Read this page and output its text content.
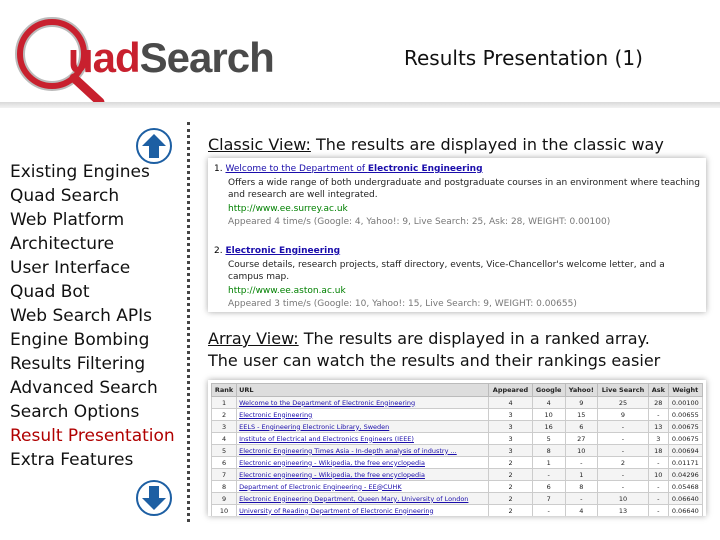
uadSearch	Results Presentation (1)
Existing Engines
Quad Search
Web Platform
Architecture
User Interface
Quad Bot
Web Search APIs
Engine Bombing
Results Filtering
Advanced Search
Search Options
Result Presentation
Extra Features
Classic View: The results are displayed in the classic way
1. Welcome to the Department of Electronic Engineering
Offers a wide range of both undergraduate and postgraduate courses in an environment where teaching and research are well integrated.
http://www.ee.surrey.ac.uk
Appeared 4 time/s (Google: 4, Yahoo!: 9, Live Search: 25, Ask: 28, WEIGHT: 0.00100)
2. Electronic Engineering
Course details, research projects, staff directory, events, Vice-Chancellor's welcome letter, and a campus map.
http://www.ee.aston.ac.uk
Appeared 3 time/s (Google: 10, Yahoo!: 15, Live Search: 9, WEIGHT: 0.00655)
Array View: The results are displayed in a ranked array.
The user can watch the results and their rankings easier
Rank	URL	Appeared	Google	Yahoo!	Live Search	Ask	Weight
1	Welcome to the Department of Electronic Engineering	4	4	9	25	28	0.00100
2	Electronic Engineering	3	10	15	9	-	0.00655
3	EELS - Engineering Electronic Library, Sweden	3	16	6	-	13	0.00675
4	Institute of Electrical and Electronics Engineers (IEEE)	3	5	27	-	3	0.00675
5	Electronic Engineering Times Asia - In-depth analysis of industry ...	3	8	10	-	18	0.00694
6	Electronic engineering - Wikipedia, the free encyclopedia	2	1	-	2	-	0.01171
7	Electronic engineering - Wikipedia, the free encyclopedia	2	-	1	-	10	0.04296
8	Department of Electronic Engineering - EE@CUHK	2	6	8	-	-	0.05468
9	Electronic Engineering Department, Queen Mary, University of London	2	7	-	10	-	0.06640
10	University of Reading Department of Electronic Engineering	2	-	4	13	-	0.06640
